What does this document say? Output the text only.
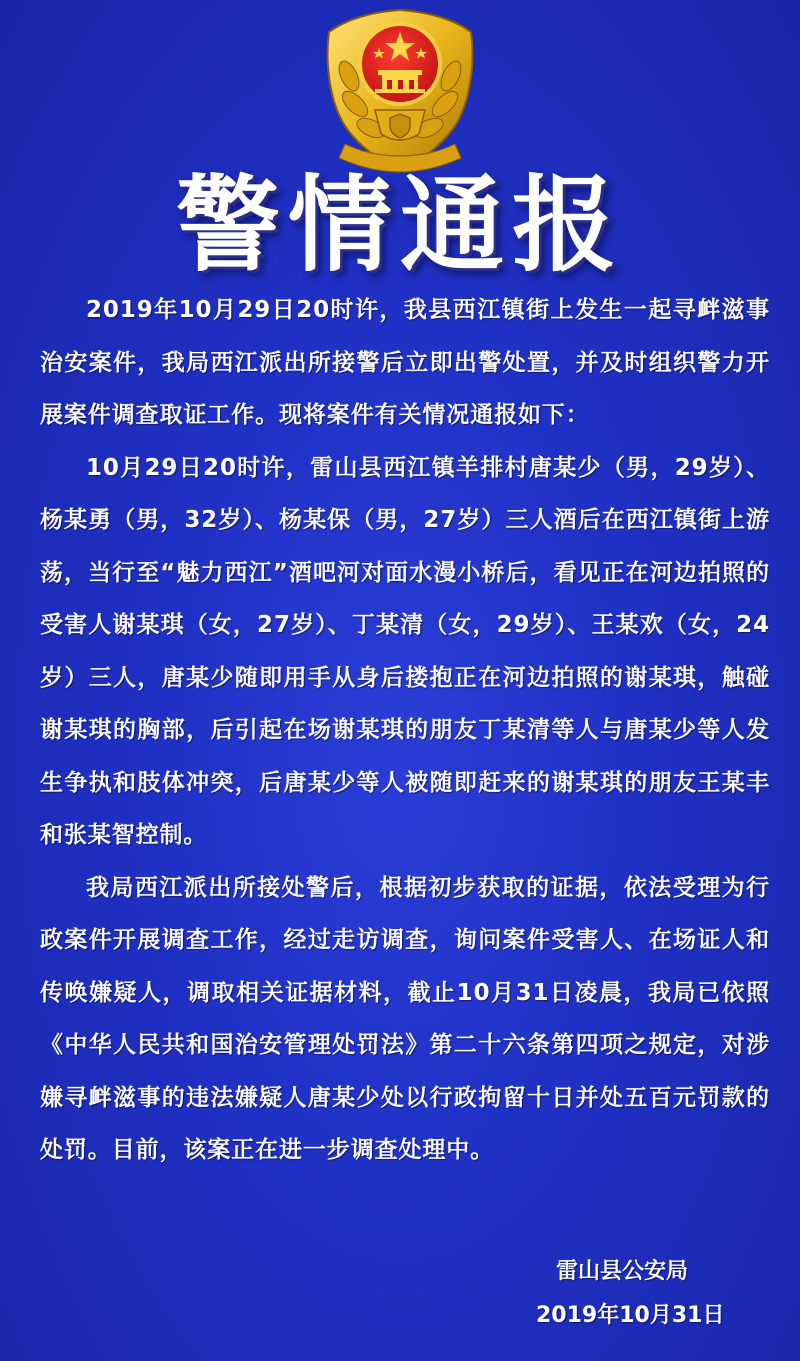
警情通报

2019年10月29日20时许，我县西江镇街上发生一起寻衅滋事治安案件，我局西江派出所接警后立即出警处置，并及时组织警力开展案件调查取证工作。现将案件有关情况通报如下：

10月29日20时许，雷山县西江镇羊排村唐某少（男，29岁）、杨某勇（男，32岁）、杨某保（男，27岁）三人酒后在西江镇街上游荡，当行至“魅力西江”酒吧河对面水漫小桥后，看见正在河边拍照的受害人谢某琪（女，27岁）、丁某清（女，29岁）、王某欢（女，24岁）三人，唐某少随即用手从身后搂抱正在河边拍照的谢某琪，触碰谢某琪的胸部，后引起在场谢某琪的朋友丁某清等人与唐某少等人发生争执和肢体冲突，后唐某少等人被随即赶来的谢某琪的朋友王某丰和张某智控制。

我局西江派出所接处警后，根据初步获取的证据，依法受理为行政案件开展调查工作，经过走访调查，询问案件受害人、在场证人和传唤嫌疑人，调取相关证据材料，截止10月31日凌晨，我局已依照《中华人民共和国治安管理处罚法》第二十六条第四项之规定，对涉嫌寻衅滋事的违法嫌疑人唐某少处以行政拘留十日并处五百元罚款的处罚。目前，该案正在进一步调查处理中。

雷山县公安局
2019年10月31日
